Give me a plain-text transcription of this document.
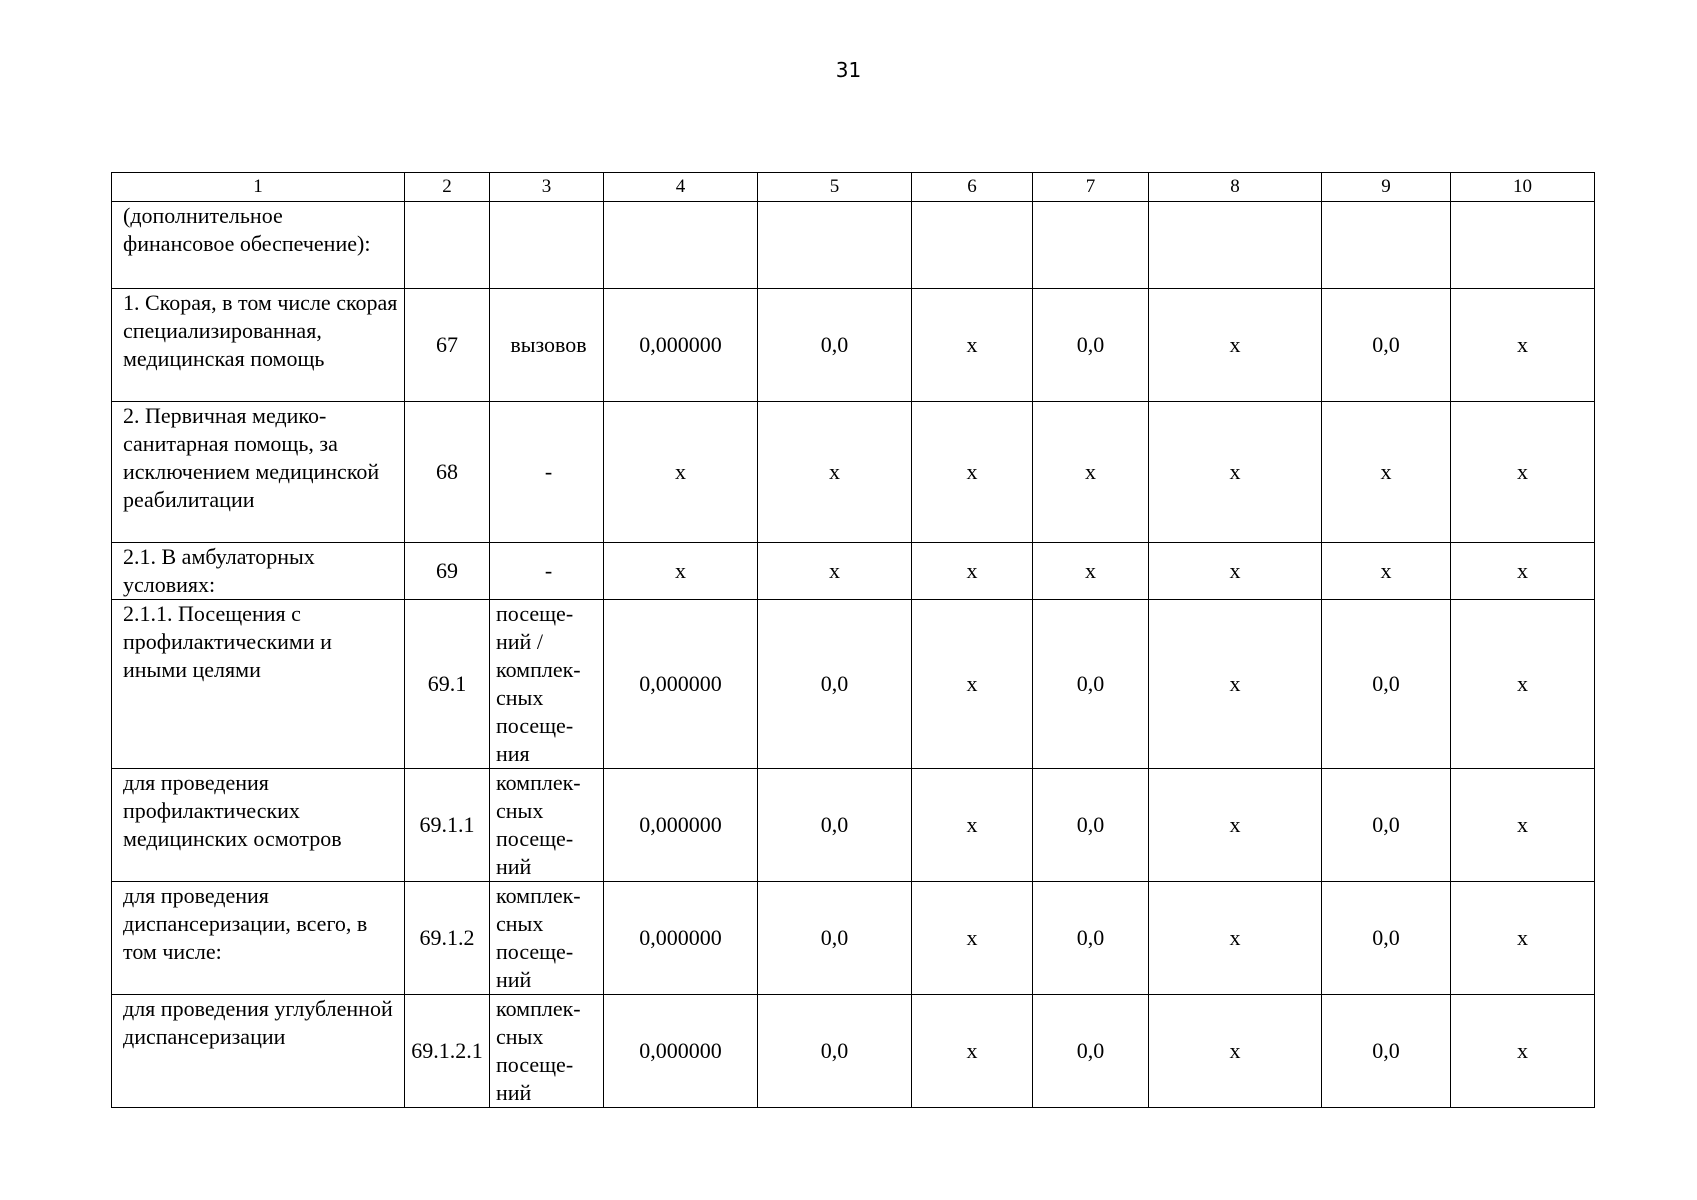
31
1	2	3	4	5	6	7	8	9	10
(дополнительное финансовое обеспечение):									
1. Скорая, в том числе скорая специализированная, медицинская помощь	67	вызовов	0,000000	0,0	х	0,0	х	0,0	х
2. Первичная медико-санитарная помощь, за исключением медицинской реабилитации	68	-	х	х	х	х	х	х	х
2.1. В амбулаторных условиях:	69	-	х	х	х	х	х	х	х
2.1.1. Посещения с профилактическими и иными целями	69.1	посеще-ний / комплек-сных посеще-ния	0,000000	0,0	х	0,0	х	0,0	х
для проведения профилактических медицинских осмотров	69.1.1	комплек-сных посеще-ний	0,000000	0,0	х	0,0	х	0,0	х
для проведения диспансеризации, всего, в том числе:	69.1.2	комплек-сных посеще-ний	0,000000	0,0	х	0,0	х	0,0	х
для проведения углубленной диспансеризации	69.1.2.1	комплек-сных посеще-ний	0,000000	0,0	х	0,0	х	0,0	х
